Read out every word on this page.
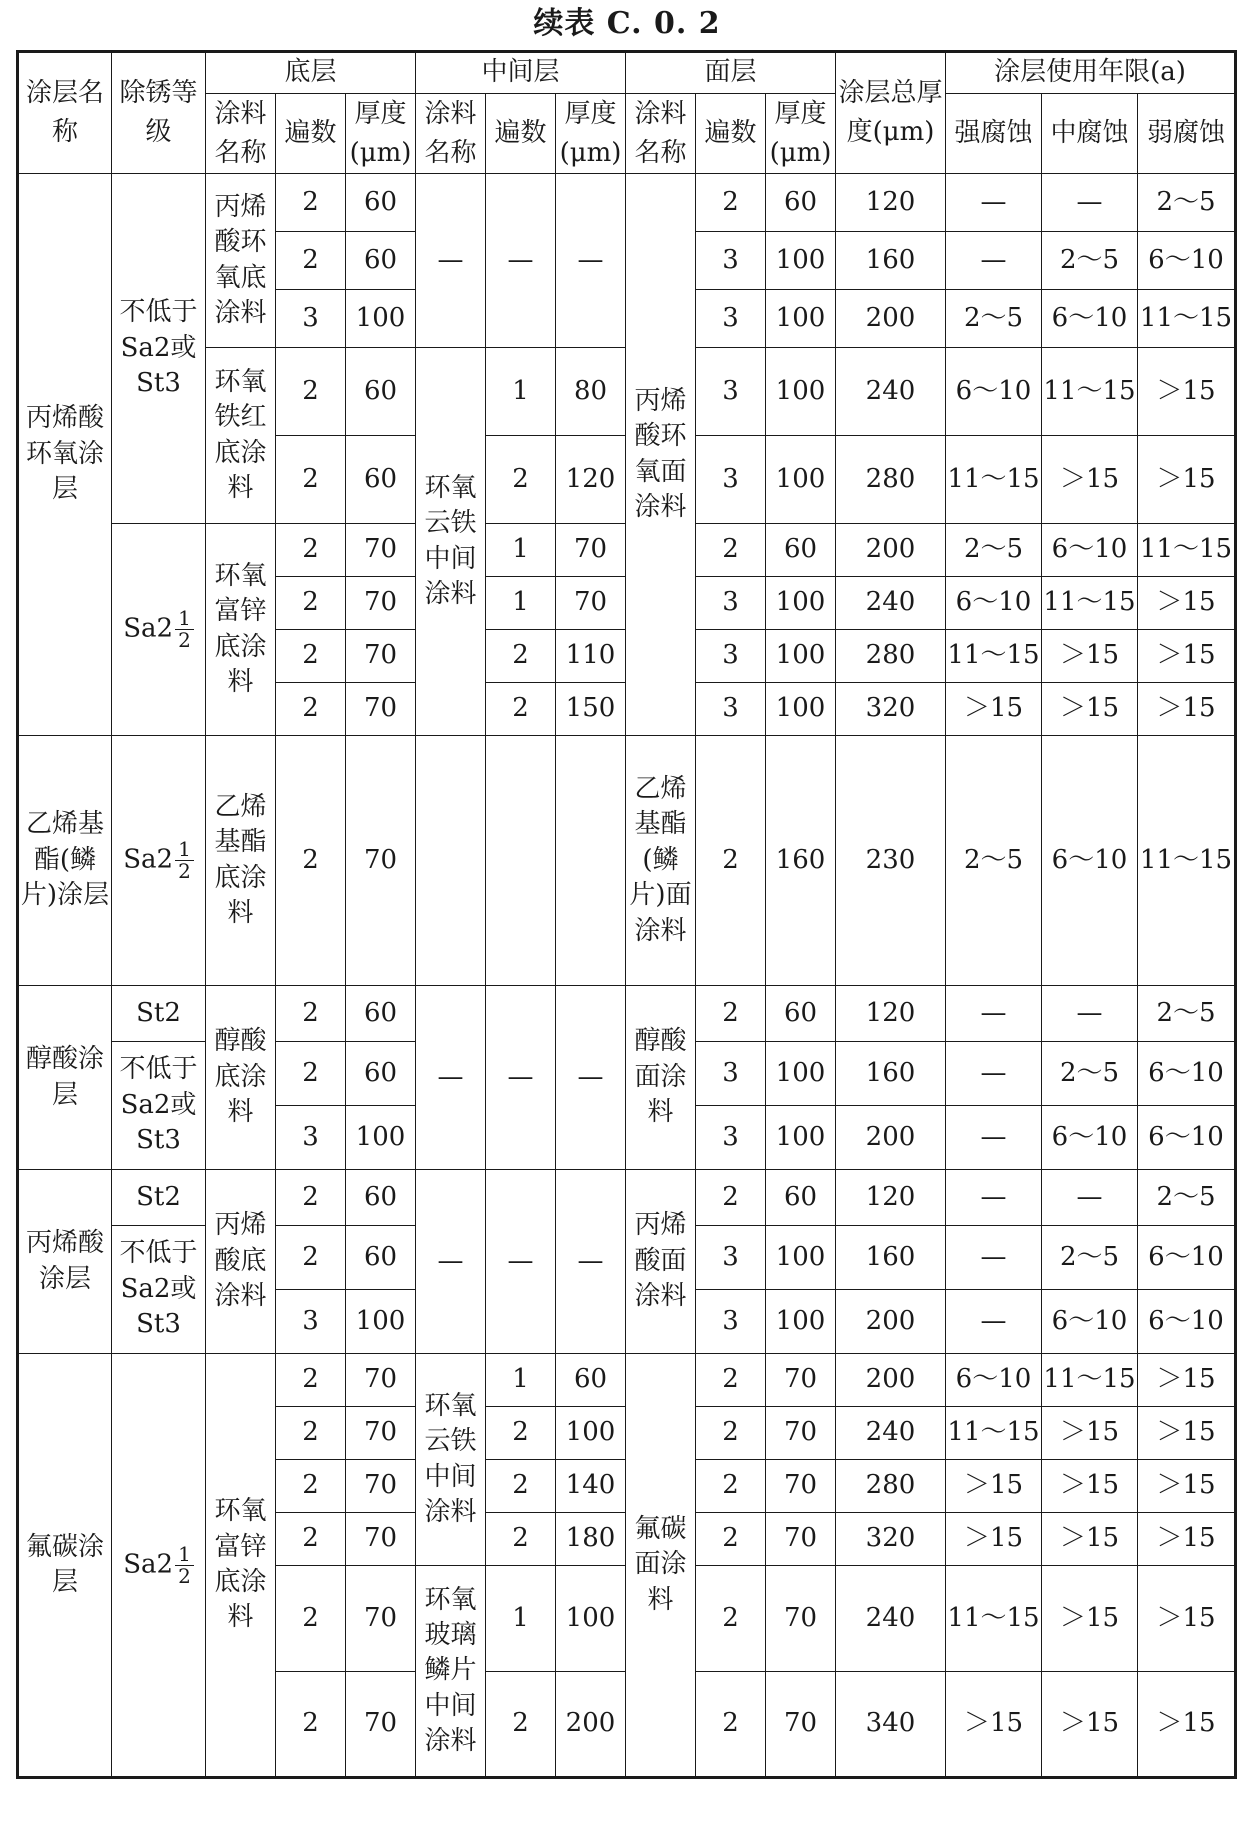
续表 C. 0. 2
涂层名称	除锈等级	底层			中间层			面层			涂层总厚度(μm)	涂层使用年限(a)		
		涂料名称	遍数	厚度(μm)	涂料名称	遍数	厚度(μm)	涂料名称	遍数	厚度(μm)		强腐蚀	中腐蚀	弱腐蚀
丙烯酸环氧涂层	不低于Sa2或St3	丙烯酸环氧底涂料	2	60	—	—	—	丙烯酸环氧面涂料	2	60	120	—	—	2～5
			2	60					3	100	160	—	2～5	6～10
			3	100					3	100	200	2～5	6～10	11～15
		环氧铁红底涂料	2	60	环氧云铁中间涂料	1	80		3	100	240	6～10	11～15	＞15
			2	60		2	120		3	100	280	11～15	＞15	＞15
	$Sa2 \frac{1}{2}$	环氧富锌底涂料	2	70		1	70		2	60	200	2～5	6～10	11～15
			2	70		1	70		3	100	240	6～10	11～15	＞15
			2	70		2	110		3	100	280	11～15	＞15	＞15
			2	70		2	150		3	100	320	＞15	＞15	＞15
乙烯基酯(鳞片)涂层	$Sa2 \frac{1}{2}$	乙烯基酯底涂料	2	70				乙烯基酯(鳞片)面涂料	2	160	230	2～5	6～10	11～15
醇酸涂层	St2	醇酸底涂料	2	60	—	—	—	醇酸面涂料	2	60	120	—	—	2～5
	不低于Sa2或St3		2	60					3	100	160	—	2～5	6～10
			3	100					3	100	200	—	6～10	6～10
丙烯酸涂层	St2	丙烯酸底涂料	2	60	—	—	—	丙烯酸面涂料	2	60	120	—	—	2～5
	不低于Sa2或St3		2	60					3	100	160	—	2～5	6～10
			3	100					3	100	200	—	6～10	6～10
氟碳涂层	$Sa2 \frac{1}{2}$	环氧富锌底涂料	2	70	环氧云铁中间涂料	1	60	氟碳面涂料	2	70	200	6～10	11～15	＞15
			2	70		2	100		2	70	240	11～15	＞15	＞15
			2	70		2	140		2	70	280	＞15	＞15	＞15
			2	70		2	180		2	70	320	＞15	＞15	＞15
			2	70	环氧玻璃鳞片中间涂料	1	100		2	70	240	11～15	＞15	＞15
			2	70		2	200		2	70	340	＞15	＞15	＞15
